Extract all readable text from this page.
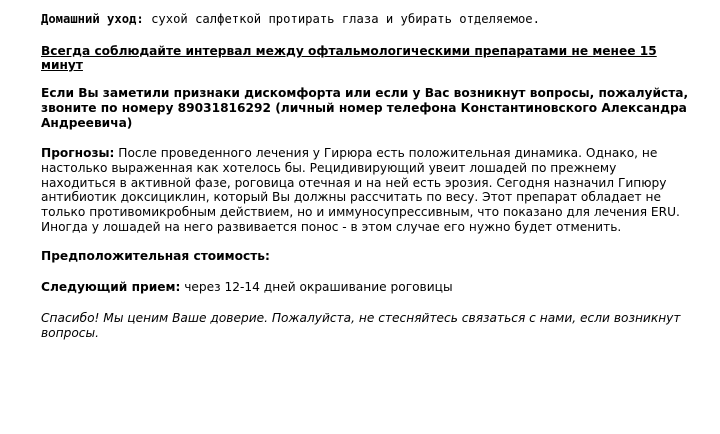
Домашний уход: сухой салфеткой протирать глаза и убирать отделяемое.

Всегда соблюдайте интервал между офтальмологическими препаратами не менее 15 минут

Если Вы заметили признаки дискомфорта или если у Вас возникнут вопросы, пожалуйста, звоните по номеру 89031816292 (личный номер телефона Константиновского Александра Андреевича)

Прогнозы: После проведенного лечения у Гирюра есть положительная динамика. Однако, не настолько выраженная как хотелось бы. Рецидивирующий увеит лошадей по прежнему находиться в активной фазе, роговица отечная и на ней есть эрозия. Сегодня назначил Гипюру антибиотик доксициклин, который Вы должны рассчитать по весу. Этот препарат обладает не только противомикробным действием, но и иммуносупрессивным, что показано для лечения ERU. Иногда у лошадей на него развивается понос - в этом случае его нужно будет отменить.

Предположительная стоимость:

Следующий прием: через 12-14 дней окрашивание роговицы

Спасибо! Мы ценим Ваше доверие. Пожалуйста, не стесняйтесь связаться с нами, если возникнут вопросы.
